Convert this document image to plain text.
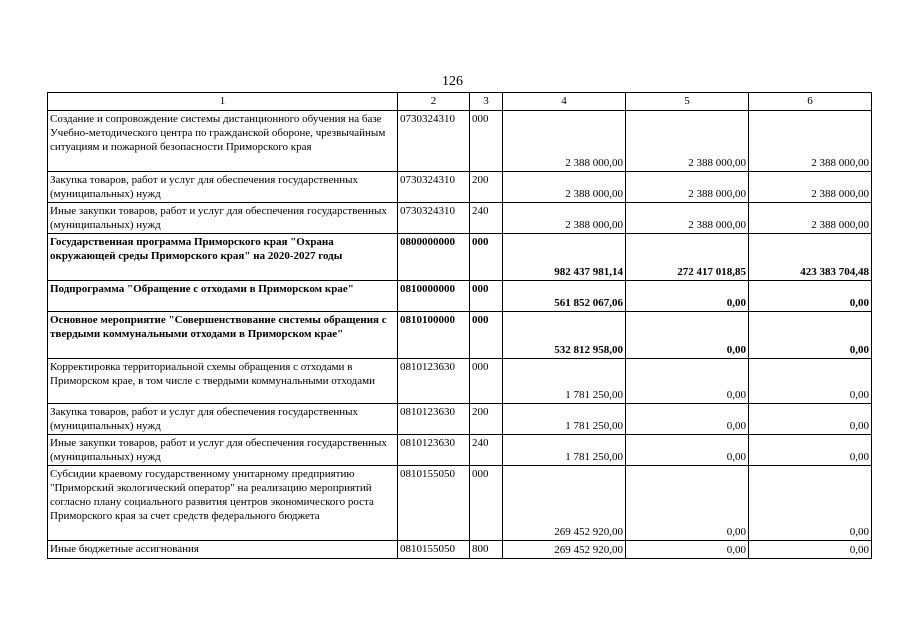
126
1	2	3	4	5	6
Создание и сопровождение системы дистанционного обучения на базе Учебно-методического центра по гражданской обороне, чрезвычайным ситуациям и пожарной безопасности Приморского края	0730324310	000	2 388 000,00	2 388 000,00	2 388 000,00
Закупка товаров, работ и услуг для обеспечения государственных (муниципальных) нужд	0730324310	200	2 388 000,00	2 388 000,00	2 388 000,00
Иные закупки товаров, работ и услуг для обеспечения государственных (муниципальных) нужд	0730324310	240	2 388 000,00	2 388 000,00	2 388 000,00
Государственная программа Приморского края "Охрана окружающей среды Приморского края" на 2020-2027 годы	0800000000	000	982 437 981,14	272 417 018,85	423 383 704,48
Подпрограмма "Обращение с отходами в Приморском крае"	0810000000	000	561 852 067,06	0,00	0,00
Основное мероприятие "Совершенствование системы обращения с твердыми коммунальными отходами в Приморском крае"	0810100000	000	532 812 958,00	0,00	0,00
Корректировка территориальной схемы обращения с отходами в Приморском крае, в том числе с твердыми коммунальными отходами	0810123630	000	1 781 250,00	0,00	0,00
Закупка товаров, работ и услуг для обеспечения государственных (муниципальных) нужд	0810123630	200	1 781 250,00	0,00	0,00
Иные закупки товаров, работ и услуг для обеспечения государственных (муниципальных) нужд	0810123630	240	1 781 250,00	0,00	0,00
Субсидии краевому государственному унитарному предприятию "Приморский экологический оператор" на реализацию мероприятий согласно плану социального развития центров экономического роста Приморского края за счет средств федерального бюджета	0810155050	000	269 452 920,00	0,00	0,00
Иные бюджетные ассигнования	0810155050	800	269 452 920,00	0,00	0,00
